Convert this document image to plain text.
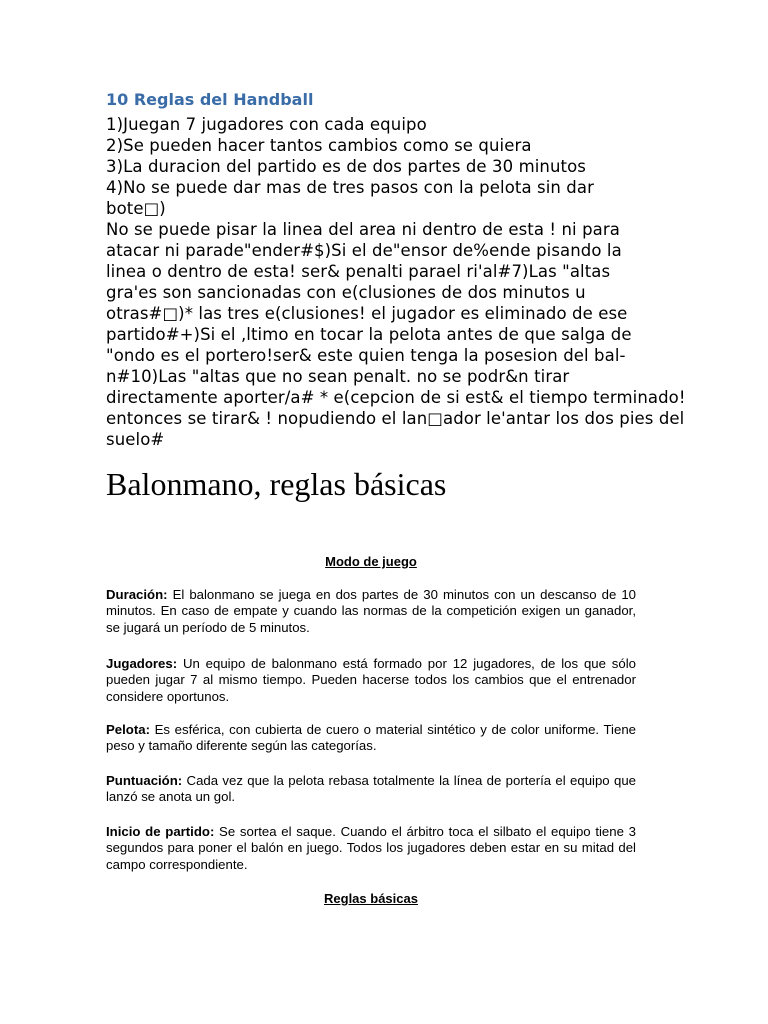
10 Reglas del Handball
1)Juegan 7 jugadores con cada equipo
2)Se pueden hacer tantos cambios como se quiera
3)La duracion del partido es de dos partes de 30 minutos
4)No se puede dar mas de tres pasos con la pelota sin dar
bote□)
No se puede pisar la linea del area ni dentro de esta ! ni para
atacar ni parade"ender#$)Si el de"ensor de%ende pisando la
linea o dentro de esta! ser& penalti parael ri'al#7)Las "altas
gra'es son sancionadas con e(clusiones de dos minutos u
otras#□)* las tres e(clusiones! el jugador es eliminado de ese
partido#+)Si el ,ltimo en tocar la pelota antes de que salga de
"ondo es el portero!ser& este quien tenga la posesion del bal-
n#10)Las "altas que no sean penalt. no se podr&n tirar
directamente aporter/a# * e(cepcion de si est& el tiempo terminado!
entonces se tirar& ! nopudiendo el lan□ador le'antar los dos pies del
suelo#
Balonmano, reglas básicas
Modo de juego
Duración: El balonmano se juega en dos partes de 30 minutos con un descanso de 10 minutos. En caso de empate y cuando las normas de la competición exigen un ganador, se jugará un período de 5 minutos.
Jugadores: Un equipo de balonmano está formado por 12 jugadores, de los que sólo pueden jugar 7 al mismo tiempo. Pueden hacerse todos los cambios que el entrenador considere oportunos.
Pelota: Es esférica, con cubierta de cuero o material sintético y de color uniforme. Tiene peso y tamaño diferente según las categorías.
Puntuación: Cada vez que la pelota rebasa totalmente la línea de portería el equipo que lanzó se anota un gol.
Inicio de partido: Se sortea el saque. Cuando el árbitro toca el silbato el equipo tiene 3 segundos para poner el balón en juego. Todos los jugadores deben estar en su mitad del campo correspondiente.
Reglas básicas
